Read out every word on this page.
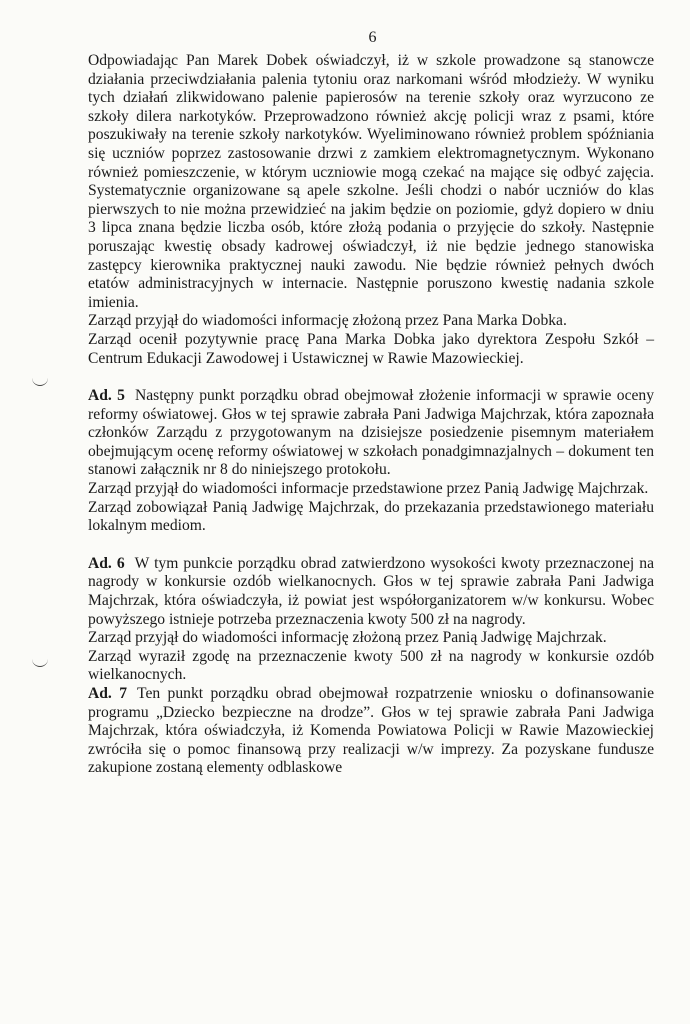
6

Odpowiadając Pan Marek Dobek oświadczył, iż w szkole prowadzone są stanowcze działania przeciwdziałania palenia tytoniu oraz narkomani wśród młodzieży. W wyniku tych działań zlikwidowano palenie papierosów na terenie szkoły oraz wyrzucono ze szkoły dilera narkotyków. Przeprowadzono również akcję policji wraz z psami, które poszukiwały na terenie szkoły narkotyków. Wyeliminowano również problem spóźniania się uczniów poprzez zastosowanie drzwi z zamkiem elektromagnetycznym. Wykonano również pomieszczenie, w którym uczniowie mogą czekać na mające się odbyć zajęcia. Systematycznie organizowane są apele szkolne. Jeśli chodzi o nabór uczniów do klas pierwszych to nie można przewidzieć na jakim będzie on poziomie, gdyż dopiero w dniu 3 lipca znana będzie liczba osób, które złożą podania o przyjęcie do szkoły. Następnie poruszając kwestię obsady kadrowej oświadczył, iż nie będzie jednego stanowiska zastępcy kierownika praktycznej nauki zawodu. Nie będzie również pełnych dwóch etatów administracyjnych w internacie. Następnie poruszono kwestię nadania szkole imienia.

Zarząd przyjął do wiadomości informację złożoną przez Pana Marka Dobka.

Zarząd ocenił pozytywnie pracę Pana Marka Dobka jako dyrektora Zespołu Szkół – Centrum Edukacji Zawodowej i Ustawicznej w Rawie Mazowieckiej.

Ad. 5 Następny punkt porządku obrad obejmował złożenie informacji w sprawie oceny reformy oświatowej. Głos w tej sprawie zabrała Pani Jadwiga Majchrzak, która zapoznała członków Zarządu z przygotowanym na dzisiejsze posiedzenie pisemnym materiałem obejmującym ocenę reformy oświatowej w szkołach ponadgimnazjalnych – dokument ten stanowi załącznik nr 8 do niniejszego protokołu.

Zarząd przyjął do wiadomości informacje przedstawione przez Panią Jadwigę Majchrzak.

Zarząd zobowiązał Panią Jadwigę Majchrzak, do przekazania przedstawionego materiału lokalnym mediom.

Ad. 6 W tym punkcie porządku obrad zatwierdzono wysokości kwoty przeznaczonej na nagrody w konkursie ozdób wielkanocnych. Głos w tej sprawie zabrała Pani Jadwiga Majchrzak, która oświadczyła, iż powiat jest współorganizatorem w/w konkursu. Wobec powyższego istnieje potrzeba przeznaczenia kwoty 500 zł na nagrody.

Zarząd przyjął do wiadomości informację złożoną przez Panią Jadwigę Majchrzak.

Zarząd wyraził zgodę na przeznaczenie kwoty 500 zł na nagrody w konkursie ozdób wielkanocnych.

Ad. 7 Ten punkt porządku obrad obejmował rozpatrzenie wniosku o dofinansowanie programu „Dziecko bezpieczne na drodze”. Głos w tej sprawie zabrała Pani Jadwiga Majchrzak, która oświadczyła, iż Komenda Powiatowa Policji w Rawie Mazowieckiej zwróciła się o pomoc finansową przy realizacji w/w imprezy. Za pozyskane fundusze zakupione zostaną elementy odblaskowe
